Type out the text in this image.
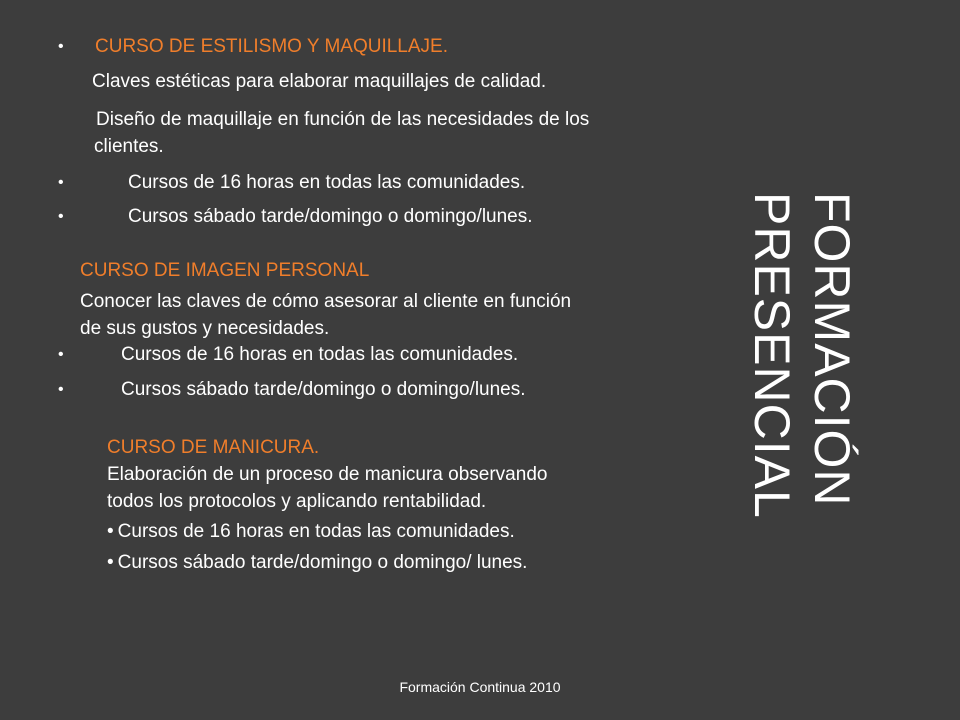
• CURSO DE ESTILISMO Y MAQUILLAJE.
Claves estéticas para elaborar maquillajes de calidad.
Diseño de maquillaje en función de las necesidades de los
clientes.
•	Cursos de 16 horas en todas las comunidades.
•	Cursos sábado tarde/domingo o domingo/lunes.
CURSO DE IMAGEN PERSONAL
Conocer las claves de cómo asesorar al cliente en función
de sus gustos y necesidades.
•	Cursos de 16 horas en todas las comunidades.
•	Cursos sábado tarde/domingo o domingo/lunes.
CURSO DE MANICURA.
Elaboración de un proceso de manicura observando
todos los protocolos y aplicando rentabilidad.
• Cursos de 16 horas en todas las comunidades.
• Cursos sábado tarde/domingo o domingo/ lunes.
FORMACIÓN PRESENCIAL
Formación Continua 2010
